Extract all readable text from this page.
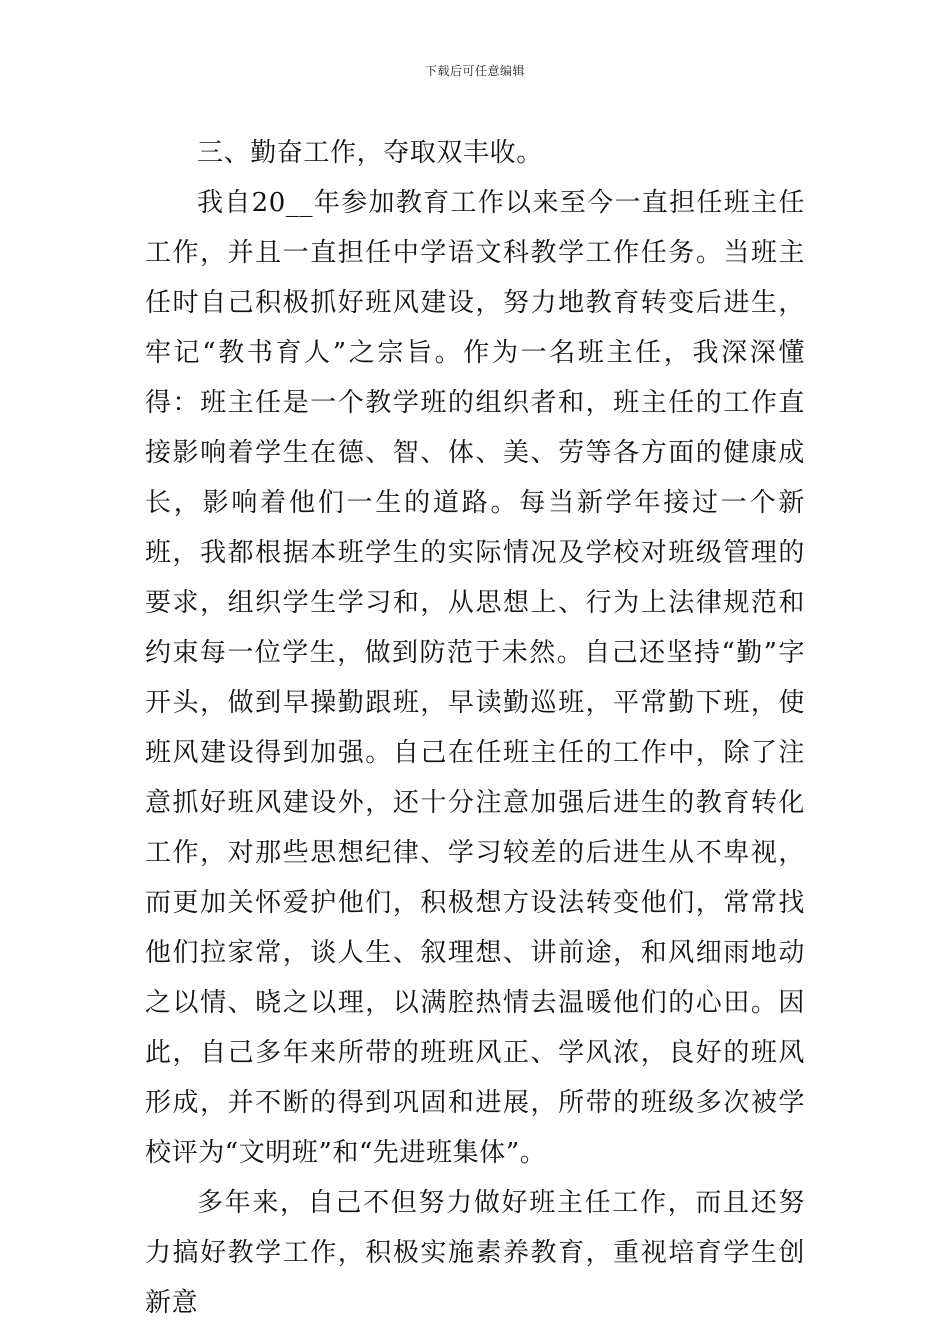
下载后可任意编辑

三、勤奋工作，夺取双丰收。

我自20__年参加教育工作以来至今一直担任班主任工作，并且一直担任中学语文科教学工作任务。当班主任时自己积极抓好班风建设，努力地教育转变后进生，牢记“教书育人”之宗旨。作为一名班主任，我深深懂得：班主任是一个教学班的组织者和，班主任的工作直接影响着学生在德、智、体、美、劳等各方面的健康成长，影响着他们一生的道路。每当新学年接过一个新班，我都根据本班学生的实际情况及学校对班级管理的要求，组织学生学习和，从思想上、行为上法律规范和约束每一位学生，做到防范于未然。自己还坚持“勤”字开头，做到早操勤跟班，早读勤巡班，平常勤下班，使班风建设得到加强。自己在任班主任的工作中，除了注意抓好班风建设外，还十分注意加强后进生的教育转化工作，对那些思想纪律、学习较差的后进生从不卑视，而更加关怀爱护他们，积极想方设法转变他们，常常找他们拉家常，谈人生、叙理想、讲前途，和风细雨地动之以情、晓之以理，以满腔热情去温暖他们的心田。因此，自己多年来所带的班班风正、学风浓，良好的班风形成，并不断的得到巩固和进展，所带的班级多次被学校评为“文明班”和“先进班集体”。

多年来，自己不但努力做好班主任工作，而且还努力搞好教学工作，积极实施素养教育，重视培育学生创新意
